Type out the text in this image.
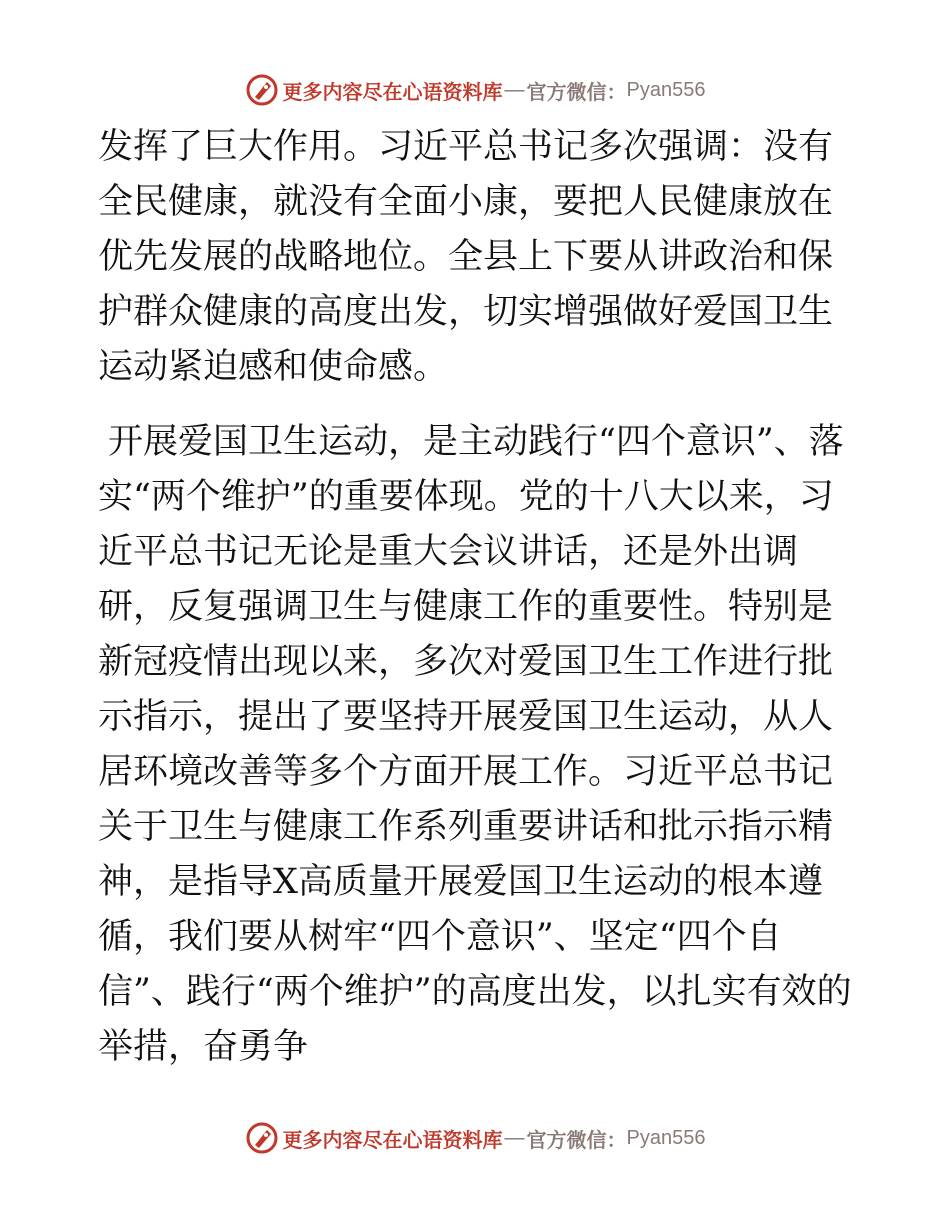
更多内容尽在心语资料库 — 官方微信： Pyan556

发挥了巨大作用。习近平总书记多次强调：没有全民健康，就没有全面小康，要把人民健康放在优先发展的战略地位。全县上下要从讲政治和保护群众健康的高度出发，切实增强做好爱国卫生运动紧迫感和使命感。

开展爱国卫生运动，是主动践行“四个意识”、落实“两个维护”的重要体现。党的十八大以来，习近平总书记无论是重大会议讲话，还是外出调研，反复强调卫生与健康工作的重要性。特别是新冠疫情出现以来，多次对爱国卫生工作进行批示指示，提出了要坚持开展爱国卫生运动，从人居环境改善等多个方面开展工作。习近平总书记关于卫生与健康工作系列重要讲话和批示指示精神，是指导X高质量开展爱国卫生运动的根本遵循，我们要从树牢“四个意识”、坚定“四个自信”、践行“两个维护”的高度出发，以扎实有效的举措，奋勇争

更多内容尽在心语资料库 — 官方微信： Pyan556
